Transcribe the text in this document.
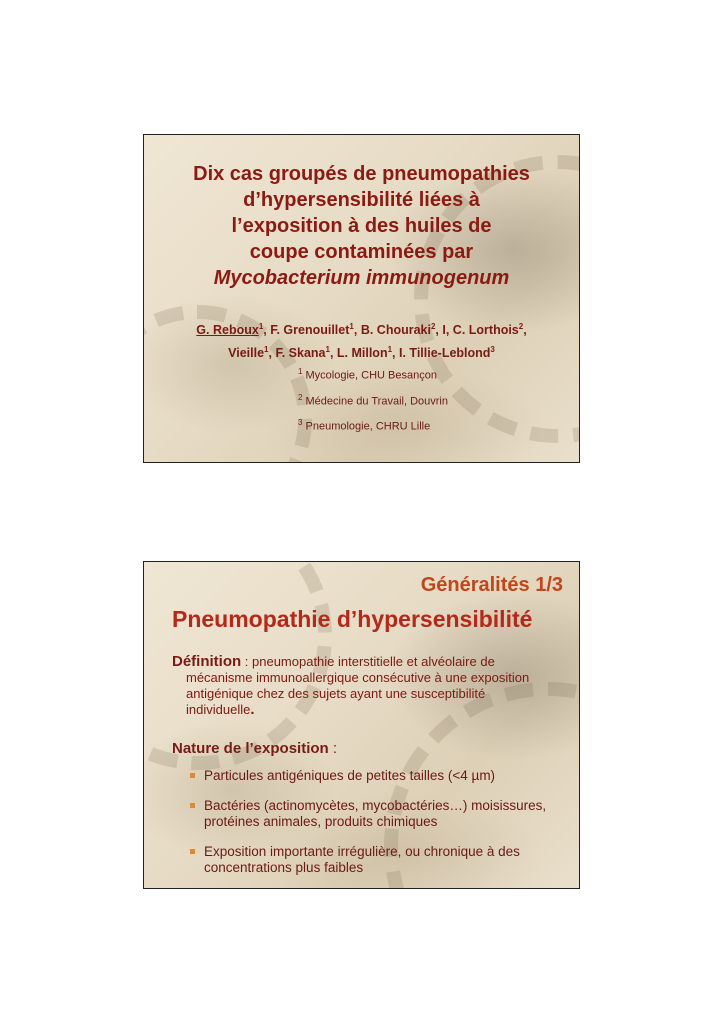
Dix cas groupés de pneumopathies
d’hypersensibilité liées à
l’exposition à des huiles de
coupe contaminées par
Mycobacterium immunogenum
G. Reboux$^1$, F. Grenouillet$^1$, B. Chouraki$^2$, I, C. Lorthois$^2$,
Vieille$^1$, F. Skana$^1$, L. Millon$^1$, I. Tillie-Leblond$^3$
$^1$ Mycologie, CHU Besançon
$^2$ Médecine du Travail, Douvrin
$^3$ Pneumologie, CHRU Lille
Généralités 1/3
Pneumopathie d’hypersensibilité
Définition : pneumopathie interstitielle et alvéolaire de
mécanisme immunoallergique consécutive à une exposition antigénique chez des sujets ayant une susceptibilité individuelle.
Nature de l’exposition :
Particules antigéniques de petites tailles (<4 µm)
Bactéries (actinomycètes, mycobactéries…) moisissures, protéines animales, produits chimiques
Exposition importante irrégulière, ou chronique à des concentrations plus faibles
